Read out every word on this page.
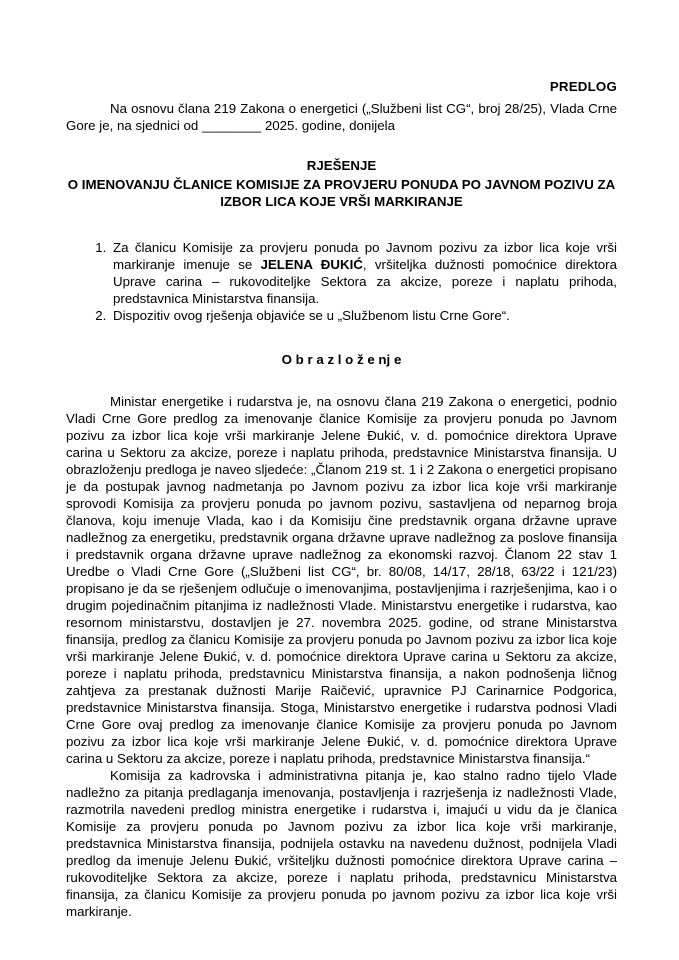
PREDLOG

Na osnovu člana 219 Zakona o energetici („Službeni list CG“, broj 28/25), Vlada Crne Gore je, na sjednici od ________ 2025. godine, donijela

RJEŠENJE

O IMENOVANJU ČLANICE KOMISIJE ZA PROVJERU PONUDA PO JAVNOM POZIVU ZA IZBOR LICA KOJE VRŠI MARKIRANJE

1. Za članicu Komisije za provjeru ponuda po Javnom pozivu za izbor lica koje vrši markiranje imenuje se JELENA ĐUKIĆ, vršiteljka dužnosti pomoćnice direktora Uprave carina – rukovoditeljke Sektora za akcize, poreze i naplatu prihoda, predstavnica Ministarstva finansija.
2. Dispozitiv ovog rješenja objaviće se u „Službenom listu Crne Gore“.

O b r a z l o ž e nj e

Ministar energetike i rudarstva je, na osnovu člana 219 Zakona o energetici, podnio Vladi Crne Gore predlog za imenovanje članice Komisije za provjeru ponuda po Javnom pozivu za izbor lica koje vrši markiranje Jelene Đukić, v. d. pomoćnice direktora Uprave carina u Sektoru za akcize, poreze i naplatu prihoda, predstavnice Ministarstva finansija. U obrazloženju predloga je naveo sljedeće: „Članom 219 st. 1 i 2 Zakona o energetici propisano je da postupak javnog nadmetanja po Javnom pozivu za izbor lica koje vrši markiranje sprovodi Komisija za provjeru ponuda po javnom pozivu, sastavljena od neparnog broja članova, koju imenuje Vlada, kao i da Komisiju čine predstavnik organa državne uprave nadležnog za energetiku, predstavnik organa državne uprave nadležnog za poslove finansija i predstavnik organa državne uprave nadležnog za ekonomski razvoj. Članom 22 stav 1 Uredbe o Vladi Crne Gore („Službeni list CG“, br. 80/08, 14/17, 28/18, 63/22 i 121/23) propisano je da se rješenjem odlučuje o imenovanjima, postavljenjima i razrješenjima, kao i o drugim pojedinačnim pitanjima iz nadležnosti Vlade. Ministarstvu energetike i rudarstva, kao resornom ministarstvu, dostavljen je 27. novembra 2025. godine, od strane Ministarstva finansija, predlog za članicu Komisije za provjeru ponuda po Javnom pozivu za izbor lica koje vrši markiranje Jelene Đukić, v. d. pomoćnice direktora Uprave carina u Sektoru za akcize, poreze i naplatu prihoda, predstavnicu Ministarstva finansija, a nakon podnošenja ličnog zahtjeva za prestanak dužnosti Marije Raičević, upravnice PJ Carinarnice Podgorica, predstavnice Ministarstva finansija. Stoga, Ministarstvo energetike i rudarstva podnosi Vladi Crne Gore ovaj predlog za imenovanje članice Komisije za provjeru ponuda po Javnom pozivu za izbor lica koje vrši markiranje Jelene Đukić, v. d. pomoćnice direktora Uprave carina u Sektoru za akcize, poreze i naplatu prihoda, predstavnice Ministarstva finansija.“

Komisija za kadrovska i administrativna pitanja je, kao stalno radno tijelo Vlade nadležno za pitanja predlaganja imenovanja, postavljenja i razrješenja iz nadležnosti Vlade, razmotrila navedeni predlog ministra energetike i rudarstva i, imajući u vidu da je članica Komisije za provjeru ponuda po Javnom pozivu za izbor lica koje vrši markiranje, predstavnica Ministarstva finansija, podnijela ostavku na navedenu dužnost, podnijela Vladi predlog da imenuje Jelenu Đukić, vršiteljku dužnosti pomoćnice direktora Uprave carina – rukovoditeljke Sektora za akcize, poreze i naplatu prihoda, predstavnicu Ministarstva finansija, za članicu Komisije za provjeru ponuda po javnom pozivu za izbor lica koje vrši markiranje.
